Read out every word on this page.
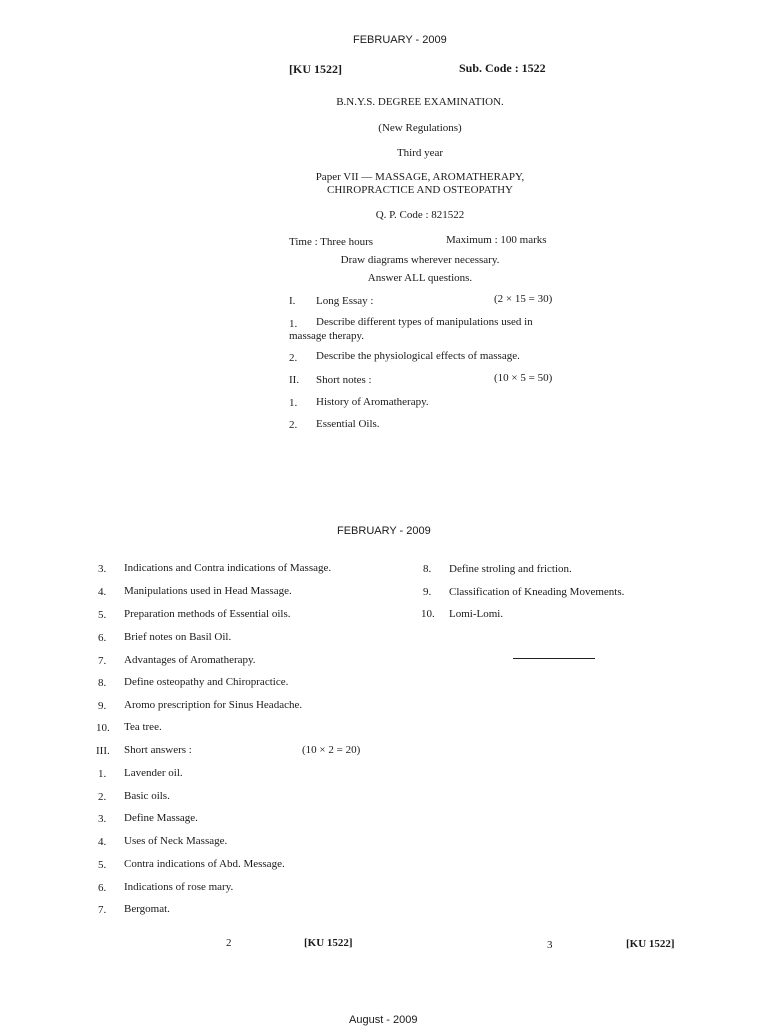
FEBRUARY - 2009
[KU 1522]	Sub. Code : 1522
B.N.Y.S. DEGREE EXAMINATION.
(New Regulations)
Third year
Paper VII — MASSAGE, AROMATHERAPY,
CHIROPRACTICE AND OSTEOPATHY
Q. P. Code : 821522
Time : Three hours	Maximum : 100 marks
Draw diagrams wherever necessary.
Answer ALL questions.
I. Long Essay :	(2 × 15 = 30)
1. Describe different types of manipulations used in
massage therapy.
2. Describe the physiological effects of massage.
II. Short notes :	(10 × 5 = 50)
1. History of Aromatherapy.
2. Essential Oils.
FEBRUARY - 2009
3. Indications and Contra indications of Massage.
4. Manipulations used in Head Massage.
5. Preparation methods of Essential oils.
6. Brief notes on Basil Oil.
7. Advantages of Aromatherapy.
8. Define osteopathy and Chiropractice.
9. Aromo prescription for Sinus Headache.
10. Tea tree.
III. Short answers :	(10 × 2 = 20)
1. Lavender oil.
2. Basic oils.
3. Define Massage.
4. Uses of Neck Massage.
5. Contra indications of Abd. Message.
6. Indications of rose mary.
7. Bergomat.
8. Define stroling and friction.
9. Classification of Kneading Movements.
10. Lomi-Lomi.
2	[KU 1522]	3	[KU 1522]
August - 2009
